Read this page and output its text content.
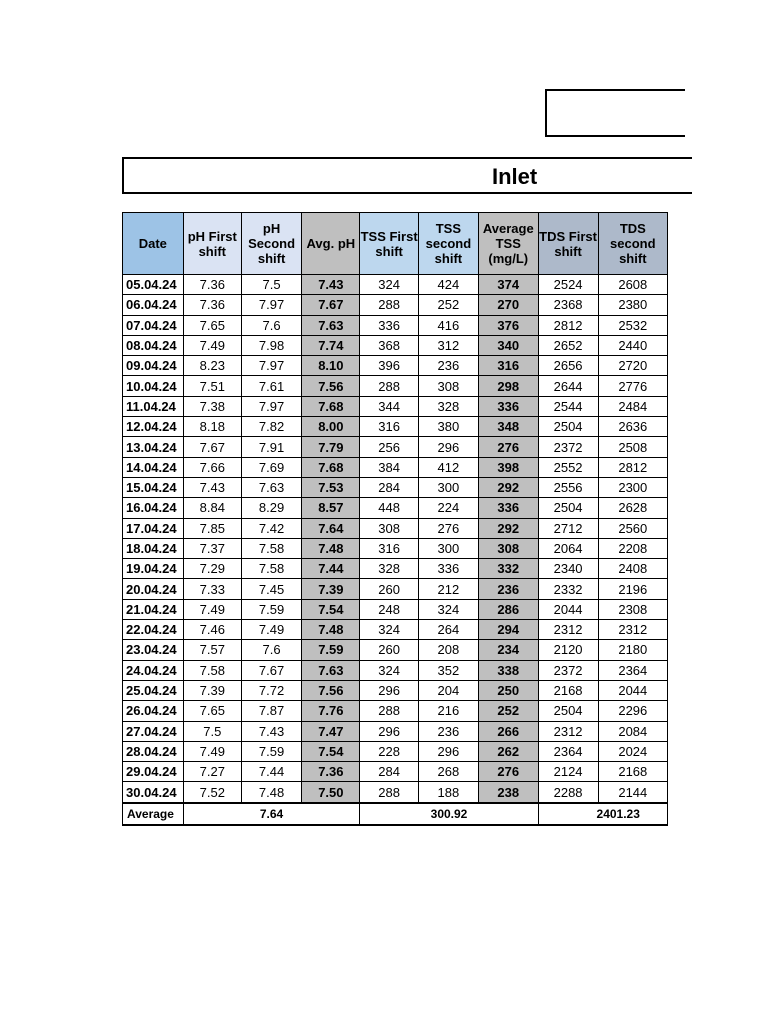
Inlet
Date	pH First shift	pH Second shift	Avg. pH	TSS First shift	TSS second shift	Average TSS (mg/L)	TDS First shift	TDS second shift
05.04.24	7.36	7.5	7.43	324	424	374	2524	2608
06.04.24	7.36	7.97	7.67	288	252	270	2368	2380
07.04.24	7.65	7.6	7.63	336	416	376	2812	2532
08.04.24	7.49	7.98	7.74	368	312	340	2652	2440
09.04.24	8.23	7.97	8.10	396	236	316	2656	2720
10.04.24	7.51	7.61	7.56	288	308	298	2644	2776
11.04.24	7.38	7.97	7.68	344	328	336	2544	2484
12.04.24	8.18	7.82	8.00	316	380	348	2504	2636
13.04.24	7.67	7.91	7.79	256	296	276	2372	2508
14.04.24	7.66	7.69	7.68	384	412	398	2552	2812
15.04.24	7.43	7.63	7.53	284	300	292	2556	2300
16.04.24	8.84	8.29	8.57	448	224	336	2504	2628
17.04.24	7.85	7.42	7.64	308	276	292	2712	2560
18.04.24	7.37	7.58	7.48	316	300	308	2064	2208
19.04.24	7.29	7.58	7.44	328	336	332	2340	2408
20.04.24	7.33	7.45	7.39	260	212	236	2332	2196
21.04.24	7.49	7.59	7.54	248	324	286	2044	2308
22.04.24	7.46	7.49	7.48	324	264	294	2312	2312
23.04.24	7.57	7.6	7.59	260	208	234	2120	2180
24.04.24	7.58	7.67	7.63	324	352	338	2372	2364
25.04.24	7.39	7.72	7.56	296	204	250	2168	2044
26.04.24	7.65	7.87	7.76	288	216	252	2504	2296
27.04.24	7.5	7.43	7.47	296	236	266	2312	2084
28.04.24	7.49	7.59	7.54	228	296	262	2364	2024
29.04.24	7.27	7.44	7.36	284	268	276	2124	2168
30.04.24	7.52	7.48	7.50	288	188	238	2288	2144
Average	7.64			300.92			2401.23	
